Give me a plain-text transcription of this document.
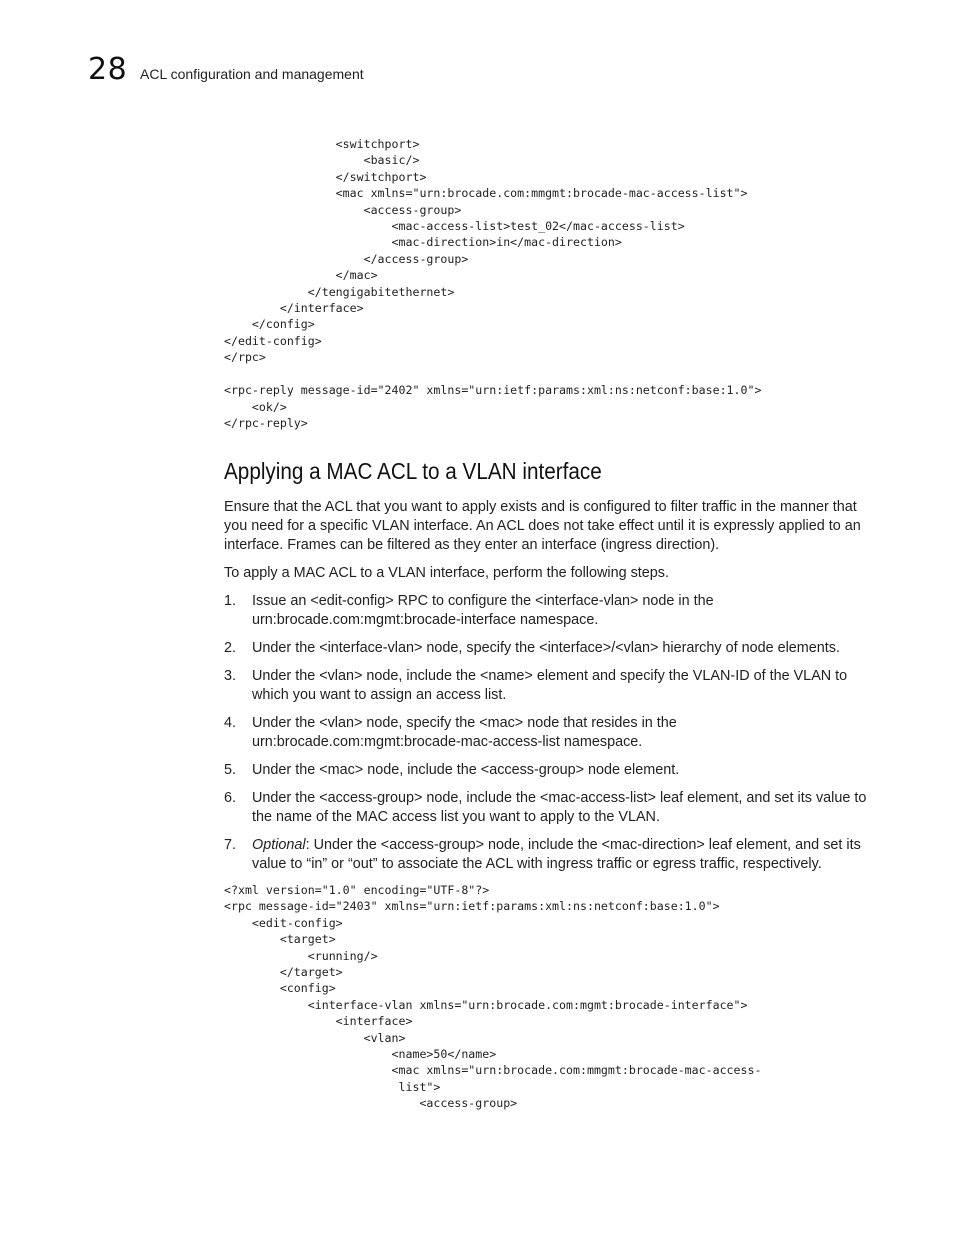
28 ACL configuration and management
<switchport>
<basic/>
</switchport>
<mac xmlns="urn:brocade.com:mmgmt:brocade-mac-access-list">
<access-group>
<mac-access-list>test_02</mac-access-list>
<mac-direction>in</mac-direction>
</access-group>
</mac>
</tengigabitethernet>
</interface>
</config>
</edit-config>
</rpc>

<rpc-reply message-id="2402" xmlns="urn:ietf:params:xml:ns:netconf:base:1.0">
<ok/>
</rpc-reply>
Applying a MAC ACL to a VLAN interface

Ensure that the ACL that you want to apply exists and is configured to filter traffic in the manner that you need for a specific VLAN interface. An ACL does not take effect until it is expressly applied to an interface. Frames can be filtered as they enter an interface (ingress direction).

To apply a MAC ACL to a VLAN interface, perform the following steps.

1. Issue an <edit-config> RPC to configure the <interface-vlan> node in the urn:brocade.com:mgmt:brocade-interface namespace.
2. Under the <interface-vlan> node, specify the <interface>/<vlan> hierarchy of node elements.
3. Under the <vlan> node, include the <name> element and specify the VLAN-ID of the VLAN to which you want to assign an access list.
4. Under the <vlan> node, specify the <mac> node that resides in the urn:brocade.com:mgmt:brocade-mac-access-list namespace.
5. Under the <mac> node, include the <access-group> node element.
6. Under the <access-group> node, include the <mac-access-list> leaf element, and set its value to the name of the MAC access list you want to apply to the VLAN.
7. Optional: Under the <access-group> node, include the <mac-direction> leaf element, and set its value to “in” or “out” to associate the ACL with ingress traffic or egress traffic, respectively.
<?xml version="1.0" encoding="UTF-8"?>
<rpc message-id="2403" xmlns="urn:ietf:params:xml:ns:netconf:base:1.0">
<edit-config>
<target>
<running/>
</target>
<config>
<interface-vlan xmlns="urn:brocade.com:mgmt:brocade-interface">
<interface>
<vlan>
<name>50</name>
<mac xmlns="urn:brocade.com:mmgmt:brocade-mac-access-
list">
<access-group>
